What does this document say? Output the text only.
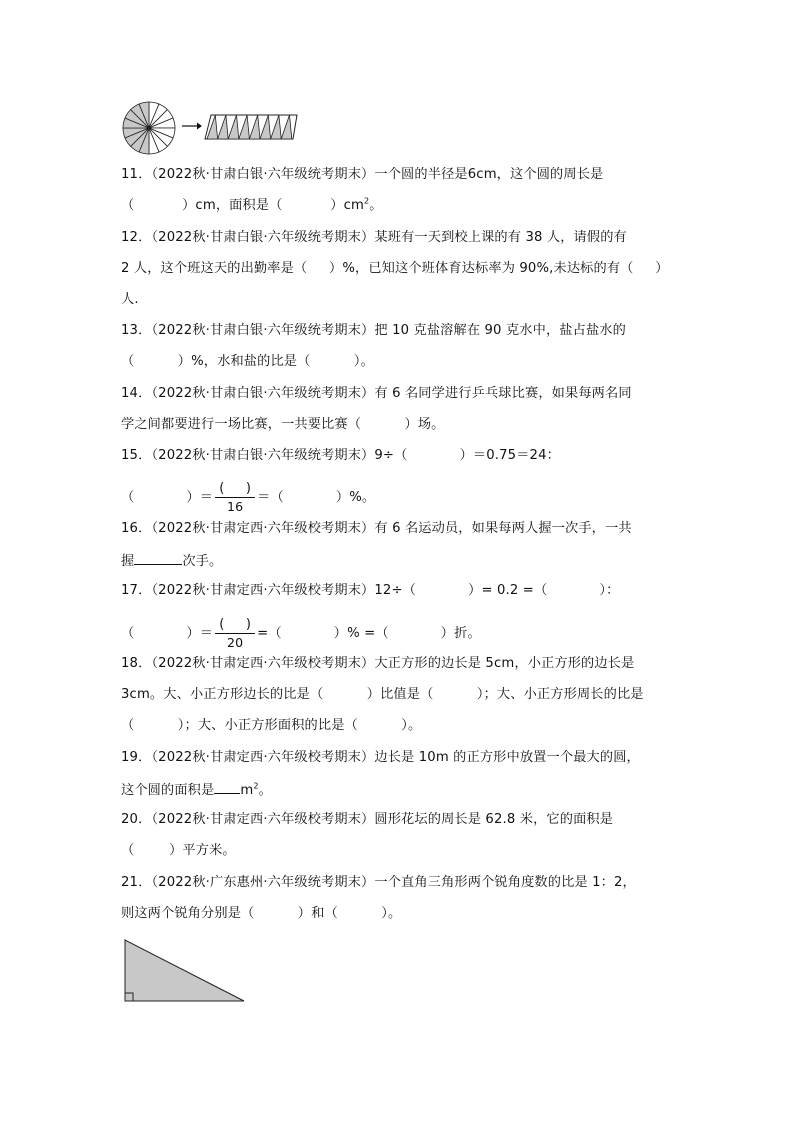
11．（2022秋·甘肃白银·六年级统考期末）一个圆的半径是6cm，这个圆的周长是
（           ）cm，面积是（           ）$cm^2$。
12．（2022秋·甘肃白银·六年级统考期末）某班有一天到校上课的有 38 人，请假的有
2 人，这个班这天的出勤率是（     ）%，已知这个班体育达标率为 90%,未达标的有（     ）
人.
13．（2022秋·甘肃白银·六年级统考期末）把 10 克盐溶解在 90 克水中，盐占盐水的
（          ）%，水和盐的比是（          ）。
14．（2022秋·甘肃白银·六年级统考期末）有 6 名同学进行乒乓球比赛，如果每两名同
学之间都要进行一场比赛，一共要比赛（          ）场。
15．（2022秋·甘肃白银·六年级统考期末）9÷（            ）＝0.75＝24：
（            ）＝ $\frac{( )}{16}$ ＝（            ）%。
16．（2022秋·甘肃定西·六年级校考期末）有 6 名运动员，如果每两人握一次手，一共
握	次手。
17．（2022秋·甘肃定西·六年级校考期末）12÷（            ）= 0.2 =（            ）：
（            ）＝ $\frac{( )}{20}$ =（            ）% =（            ）折。
18．（2022秋·甘肃定西·六年级校考期末）大正方形的边长是 5cm，小正方形的边长是
3cm。大、小正方形边长的比是（          ）比值是（          ）；大、小正方形周长的比是
（          ）；大、小正方形面积的比是（          ）。
19．（2022秋·甘肃定西·六年级校考期末）边长是 10m 的正方形中放置一个最大的圆，
这个圆的面积是 $m^2$。
20．（2022秋·甘肃定西·六年级校考期末）圆形花坛的周长是 62.8 米，它的面积是
（        ）平方米。
21．（2022秋·广东惠州·六年级统考期末）一个直角三角形两个锐角度数的比是 1：2，
则这两个锐角分别是（          ）和（          ）。
